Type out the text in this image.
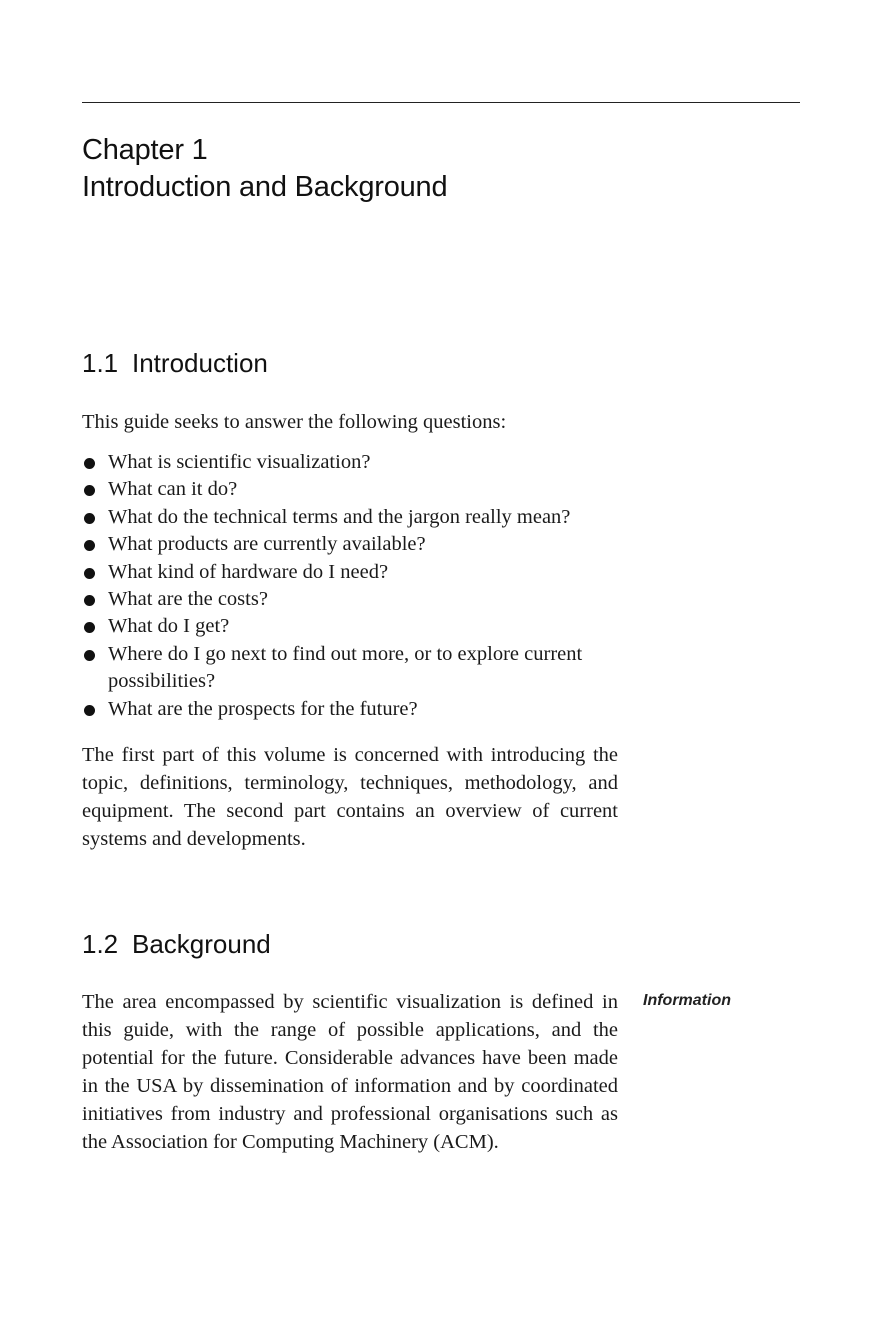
Chapter 1
Introduction and Background
1.1 Introduction

This guide seeks to answer the following questions:

What is scientific visualization?
What can it do?
What do the technical terms and the jargon really mean?
What products are currently available?
What kind of hardware do I need?
What are the costs?
What do I get?
Where do I go next to find out more, or to explore current possibilities?
What are the prospects for the future?

The first part of this volume is concerned with introducing the topic, definitions, terminology, techniques, methodology, and equipment. The second part contains an overview of current systems and developments.

1.2 Background

The area encompassed by scientific visualization is defined in this guide, with the range of possible applications, and the potential for the future. Considerable advances have been made in the USA by dissemination of information and by coordinated initiatives from industry and professional organisations such as the Association for Computing Machinery (ACM).

Information
